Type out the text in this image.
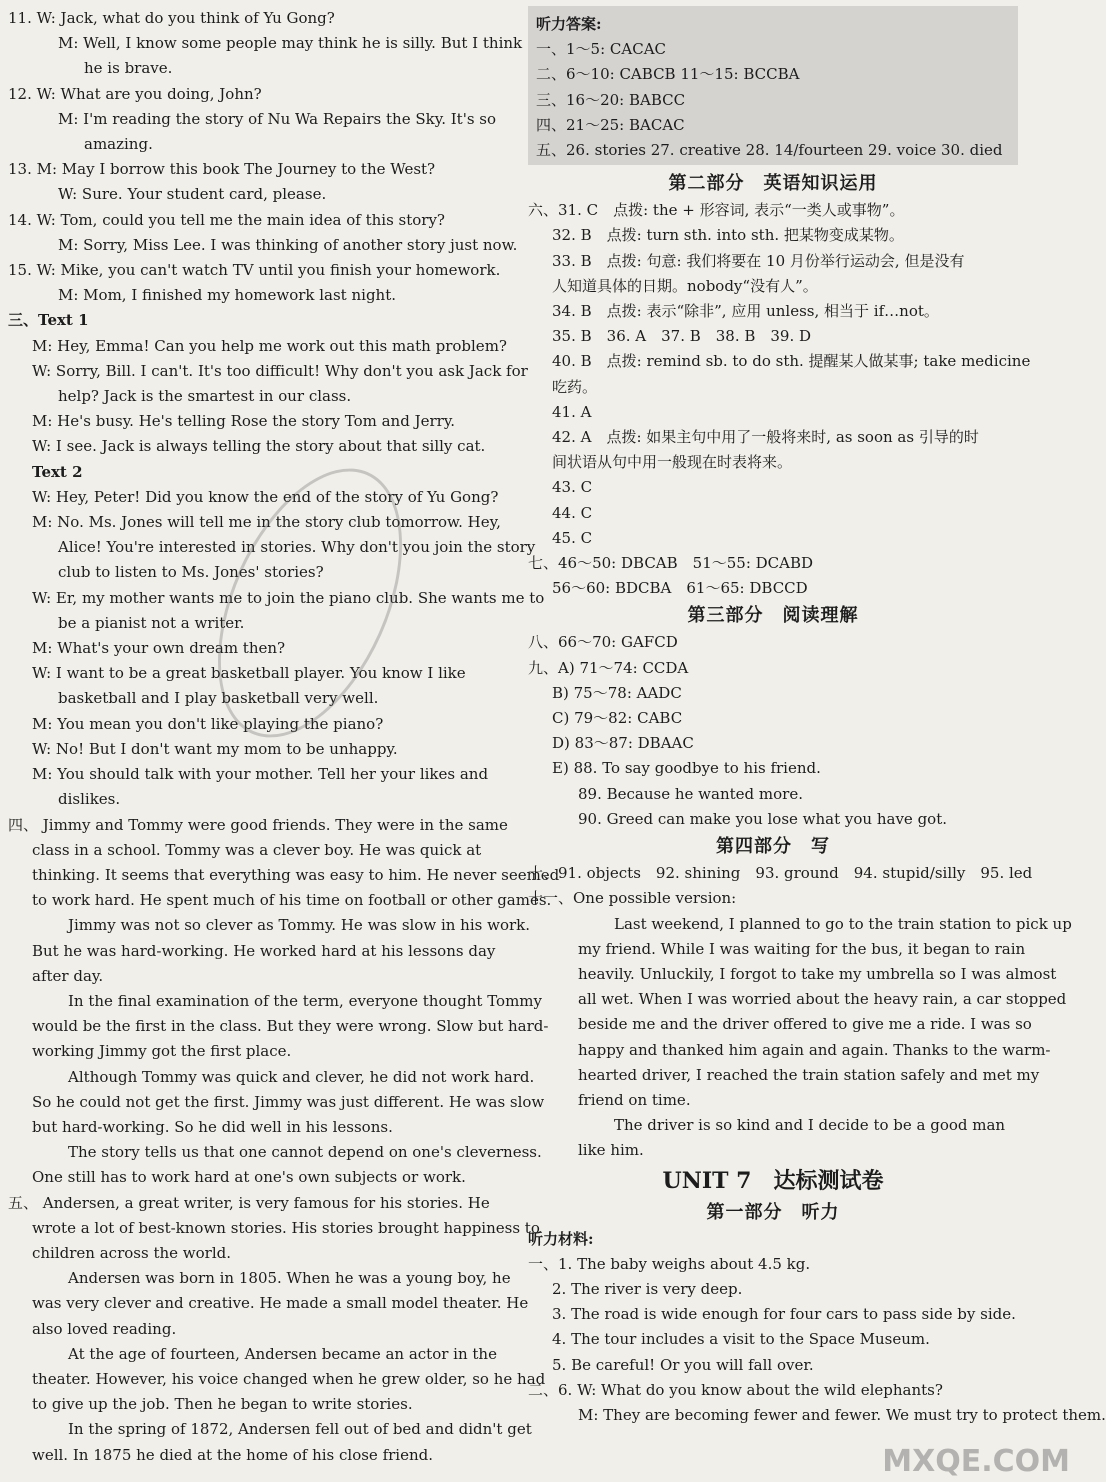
11. W: Jack, what do you think of Yu Gong?
M: Well, I know some people may think he is silly. But I think
he is brave.
12. W: What are you doing, John?
M: I'm reading the story of Nu Wa Repairs the Sky. It's so
amazing.
13. M: May I borrow this book The Journey to the West?
W: Sure. Your student card, please.
14. W: Tom, could you tell me the main idea of this story?
M: Sorry, Miss Lee. I was thinking of another story just now.
15. W: Mike, you can't watch TV until you finish your homework.
M: Mom, I finished my homework last night.
三、Text 1
M: Hey, Emma! Can you help me work out this math problem?
W: Sorry, Bill. I can't. It's too difficult! Why don't you ask Jack for
help? Jack is the smartest in our class.
M: He's busy. He's telling Rose the story Tom and Jerry.
W: I see. Jack is always telling the story about that silly cat.
Text 2
W: Hey, Peter! Did you know the end of the story of Yu Gong?
M: No. Ms. Jones will tell me in the story club tomorrow. Hey,
Alice! You're interested in stories. Why don't you join the story
club to listen to Ms. Jones' stories?
W: Er, my mother wants me to join the piano club. She wants me to
be a pianist not a writer.
M: What's your own dream then?
W: I want to be a great basketball player. You know I like
basketball and I play basketball very well.
M: You mean you don't like playing the piano?
W: No! But I don't want my mom to be unhappy.
M: You should talk with your mother. Tell her your likes and
dislikes.
四、 Jimmy and Tommy were good friends. They were in the same
class in a school. Tommy was a clever boy. He was quick at
thinking. It seems that everything was easy to him. He never seemed
to work hard. He spent much of his time on football or other games.
Jimmy was not so clever as Tommy. He was slow in his work.
But he was hard-working. He worked hard at his lessons day
after day.
In the final examination of the term, everyone thought Tommy
would be the first in the class. But they were wrong. Slow but hard-
working Jimmy got the first place.
Although Tommy was quick and clever, he did not work hard.
So he could not get the first. Jimmy was just different. He was slow
but hard-working. So he did well in his lessons.
The story tells us that one cannot depend on one's cleverness.
One still has to work hard at one's own subjects or work.
五、 Andersen, a great writer, is very famous for his stories. He
wrote a lot of best-known stories. His stories brought happiness to
children across the world.
Andersen was born in 1805. When he was a young boy, he
was very clever and creative. He made a small model theater. He
also loved reading.
At the age of fourteen, Andersen became an actor in the
theater. However, his voice changed when he grew older, so he had
to give up the job. Then he began to write stories.
In the spring of 1872, Andersen fell out of bed and didn't get
well. In 1875 he died at the home of his close friend.
听力答案:
一、1～5: CACAC
二、6～10: CABCB 11～15: BCCBA
三、16～20: BABCC
四、21～25: BACAC
五、26. stories 27. creative 28. 14/fourteen 29. voice 30. died
第二部分　英语知识运用
六、31. C　点拨: the + 形容词, 表示“一类人或事物”。
32. B　点拨: turn sth. into sth. 把某物变成某物。
33. B　点拨: 句意: 我们将要在 10 月份举行运动会, 但是没有
人知道具体的日期。nobody“没有人”。
34. B　点拨: 表示“除非”, 应用 unless, 相当于 if…not。
35. B　36. A　37. B　38. B　39. D
40. B　点拨: remind sb. to do sth. 提醒某人做某事; take medicine
吃药。
41. A
42. A　点拨: 如果主句中用了一般将来时, as soon as 引导的时
间状语从句中用一般现在时表将来。
43. C
44. C
45. C
七、46～50: DBCAB　51～55: DCABD
56～60: BDCBA　61～65: DBCCD
第三部分　阅读理解
八、66～70: GAFCD
九、A) 71～74: CCDA
B) 75～78: AADC
C) 79～82: CABC
D) 83～87: DBAAC
E) 88. To say goodbye to his friend.
89. Because he wanted more.
90. Greed can make you lose what you have got.
第四部分　写
十、91. objects　92. shining　93. ground　94. stupid/silly　95. led
十一、One possible version:
Last weekend, I planned to go to the train station to pick up
my friend. While I was waiting for the bus, it began to rain
heavily. Unluckily, I forgot to take my umbrella so I was almost
all wet. When I was worried about the heavy rain, a car stopped
beside me and the driver offered to give me a ride. I was so
happy and thanked him again and again. Thanks to the warm-
hearted driver, I reached the train station safely and met my
friend on time.
The driver is so kind and I decide to be a good man
like him.
UNIT 7　达标测试卷
第一部分　听力
听力材料:
一、1. The baby weighs about 4.5 kg.
2. The river is very deep.
3. The road is wide enough for four cars to pass side by side.
4. The tour includes a visit to the Space Museum.
5. Be careful! Or you will fall over.
二、6. W: What do you know about the wild elephants?
M: They are becoming fewer and fewer. We must try to protect them.
MXQE.COM
